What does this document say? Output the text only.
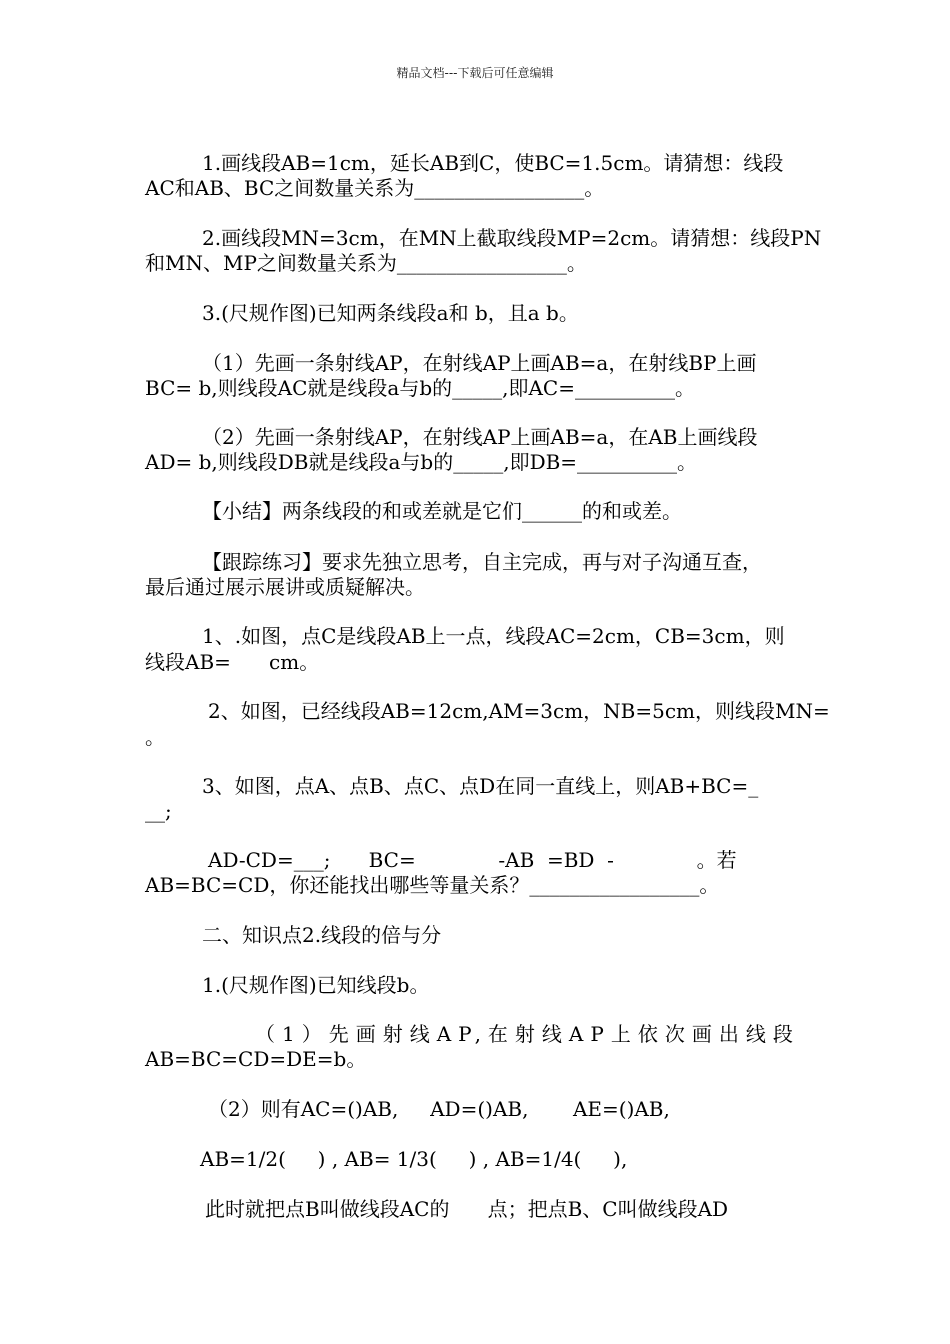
精品文档---下载后可任意编辑
1.画线段AB=1cm，延长AB到C，使BC=1.5cm。请猜想：线段
AC和AB、BC之间数量关系为_________________。
2.画线段MN=3cm，在MN上截取线段MP=2cm。请猜想：线段PN
和MN、MP之间数量关系为_________________。
3.(尺规作图)已知两条线段a和 b，且a b。
（1）先画一条射线AP，在射线AP上画AB=a，在射线BP上画
BC= b,则线段AC就是线段a与b的_____,即AC=__________。
（2）先画一条射线AP，在射线AP上画AB=a，在AB上画线段
AD= b,则线段DB就是线段a与b的_____,即DB=__________。
【小结】两条线段的和或差就是它们______的和或差。
【跟踪练习】要求先独立思考，自主完成，再与对子沟通互查，
最后通过展示展讲或质疑解决。
1、.如图，点C是线段AB上一点，线段AC=2cm，CB=3cm，则
线段AB=      cm。
2、如图，已经线段AB=12cm,AM=3cm，NB=5cm，则线段MN=
。
3、如图，点A、点B、点C、点D在同一直线上，则AB+BC=_
__;
AD-CD=___;      BC=             -AB  =BD  -             。若
AB=BC=CD，你还能找出哪些等量关系？_________________。
二、知识点2.线段的倍与分
1.(尺规作图)已知线段b。
（1）先画射线AP,在射线AP上依次画出线段
AB=BC=CD=DE=b。
（2）则有AC=()AB,     AD=()AB,       AE=()AB,
AB=1/2(     ) , AB= 1/3(     ) , AB=1/4(     ),
此时就把点B叫做线段AC的      点；把点B、C叫做线段AD
